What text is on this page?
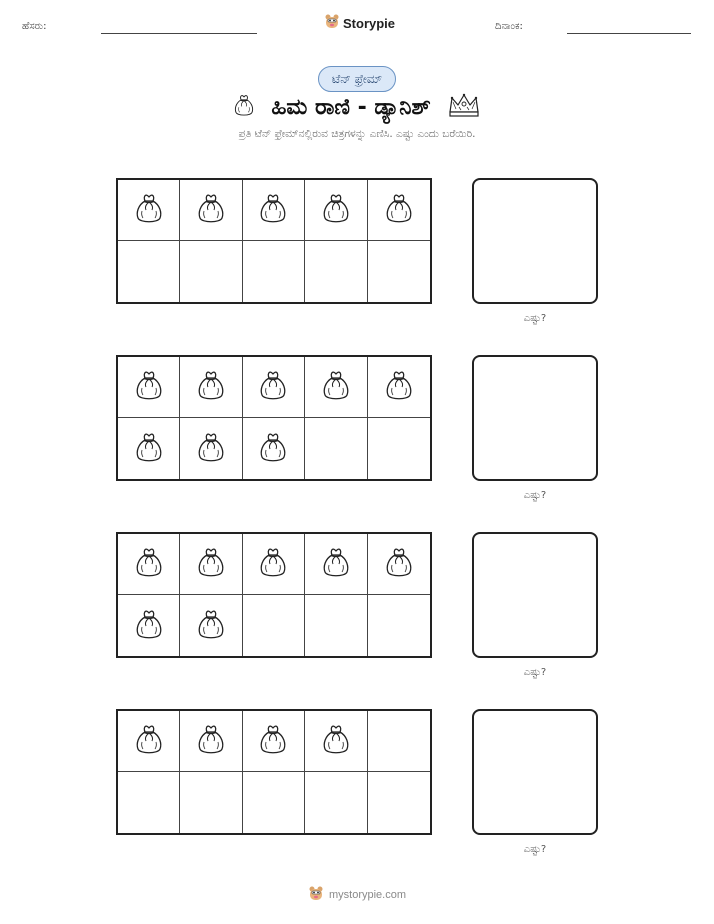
ಹೆಸರು:	Storypie	ದಿನಾಂಕ:
ಟೆನ್ ಫ್ರೇಮ್
ಹಿಮ ರಾಣಿ - ಡ್ಯಾನಿಶ್
ಪ್ರತಿ ಟೆನ್ ಫ್ರೇಮ್‌ನಲ್ಲಿರುವ ಚಿತ್ರಗಳನ್ನು ಎಣಿಸಿ. ಎಷ್ಟು ಎಂದು ಬರೆಯಿರಿ.
ಎಷ್ಟು?
ಎಷ್ಟು?
ಎಷ್ಟು?
ಎಷ್ಟು?
mystorypie.com
